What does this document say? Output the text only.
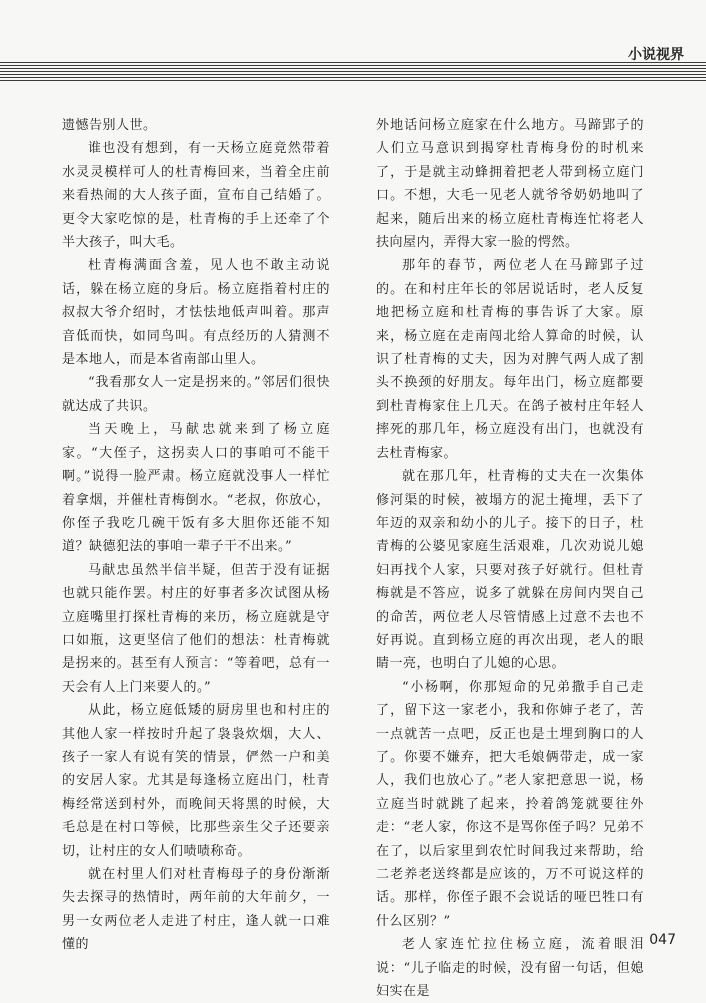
小说视界

遗憾告别人世。

谁也没有想到，有一天杨立庭竟然带着水灵灵模样可人的杜青梅回来，当着全庄前来看热闹的大人孩子面，宣布自己结婚了。更令大家吃惊的是，杜青梅的手上还牵了个半大孩子，叫大毛。

杜青梅满面含羞，见人也不敢主动说话，躲在杨立庭的身后。杨立庭指着村庄的叔叔大爷介绍时，才怯怯地低声叫着。那声音低而快，如同鸟叫。有点经历的人猜测不是本地人，而是本省南部山里人。

“我看那女人一定是拐来的。”邻居们很快就达成了共识。

当天晚上，马献忠就来到了杨立庭家。“大侄子，这拐卖人口的事咱可不能干啊。”说得一脸严肃。杨立庭就没事人一样忙着拿烟，并催杜青梅倒水。“老叔，你放心，你侄子我吃几碗干饭有多大胆你还能不知道？缺德犯法的事咱一辈子干不出来。”

马献忠虽然半信半疑，但苦于没有证据也就只能作罢。村庄的好事者多次试图从杨立庭嘴里打探杜青梅的来历，杨立庭就是守口如瓶，这更坚信了他们的想法：杜青梅就是拐来的。甚至有人预言：“等着吧，总有一天会有人上门来要人的。”

从此，杨立庭低矮的厨房里也和村庄的其他人家一样按时升起了袅袅炊烟，大人、孩子一家人有说有笑的情景，俨然一户和美的安居人家。尤其是每逢杨立庭出门，杜青梅经常送到村外，而晚间天将黑的时候，大毛总是在村口等候，比那些亲生父子还要亲切，让村庄的女人们啧啧称奇。

就在村里人们对杜青梅母子的身份渐渐失去探寻的热情时，两年前的大年前夕，一男一女两位老人走进了村庄，逢人就一口难懂的

外地话问杨立庭家在什么地方。马蹄郢子的人们立马意识到揭穿杜青梅身份的时机来了，于是就主动蜂拥着把老人带到杨立庭门口。不想，大毛一见老人就爷爷奶奶地叫了起来，随后出来的杨立庭杜青梅连忙将老人扶向屋内，弄得大家一脸的愕然。

那年的春节，两位老人在马蹄郢子过的。在和村庄年长的邻居说话时，老人反复地把杨立庭和杜青梅的事告诉了大家。原来，杨立庭在走南闯北给人算命的时候，认识了杜青梅的丈夫，因为对脾气两人成了割头不换颈的好朋友。每年出门，杨立庭都要到杜青梅家住上几天。在鸽子被村庄年轻人摔死的那几年，杨立庭没有出门，也就没有去杜青梅家。

就在那几年，杜青梅的丈夫在一次集体修河渠的时候，被塌方的泥土掩埋，丢下了年迈的双亲和幼小的儿子。接下的日子，杜青梅的公婆见家庭生活艰难，几次劝说儿媳妇再找个人家，只要对孩子好就行。但杜青梅就是不答应，说多了就躲在房间内哭自己的命苦，两位老人尽管情感上过意不去也不好再说。直到杨立庭的再次出现，老人的眼睛一亮，也明白了儿媳的心思。

“小杨啊，你那短命的兄弟撒手自己走了，留下这一家老小，我和你婶子老了，苦一点就苦一点吧，反正也是土埋到胸口的人了。你要不嫌弃，把大毛娘俩带走，成一家人，我们也放心了。”老人家把意思一说，杨立庭当时就跳了起来，拎着鸽笼就要往外走：“老人家，你这不是骂你侄子吗？兄弟不在了，以后家里到农忙时间我过来帮助，给二老养老送终都是应该的，万不可说这样的话。那样，你侄子跟不会说话的哑巴牲口有什么区别？”

老人家连忙拉住杨立庭，流着眼泪说：“儿子临走的时候，没有留一句话，但媳妇实在是

047
